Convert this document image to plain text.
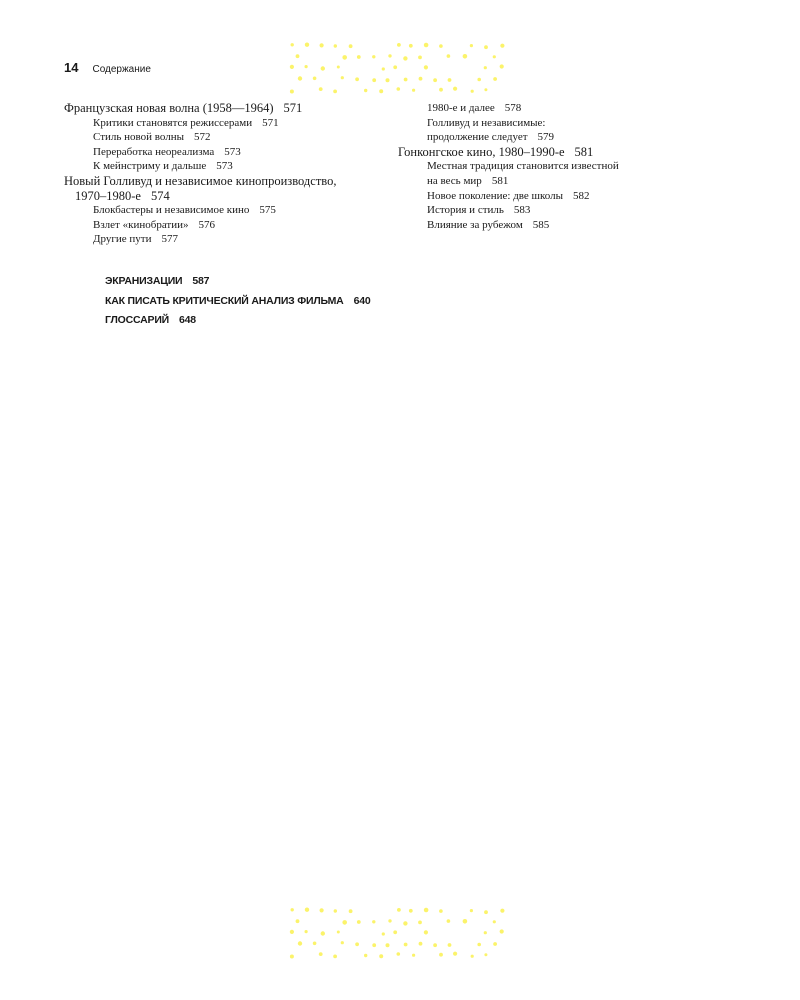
14 Содержание
Французская новая волна (1958—1964) 571
Критики становятся режиссерами 571
Стиль новой волны 572
Переработка неореализма 573
К мейнстриму и дальше 573
Новый Голливуд и независимое кинопроизводство,
1970–1980-е 574
Блокбастеры и независимое кино 575
Взлет «кинобратии» 576
Другие пути 577
1980-е и далее 578
Голливуд и независимые:
продолжение следует 579
Гонконгское кино, 1980–1990-е 581
Местная традиция становится известной
на весь мир 581
Новое поколение: две школы 582
История и стиль 583
Влияние за рубежом 585
ЭКРАНИЗАЦИИ 587
КАК ПИСАТЬ КРИТИЧЕСКИЙ АНАЛИЗ ФИЛЬМА 640
ГЛОССАРИЙ 648
